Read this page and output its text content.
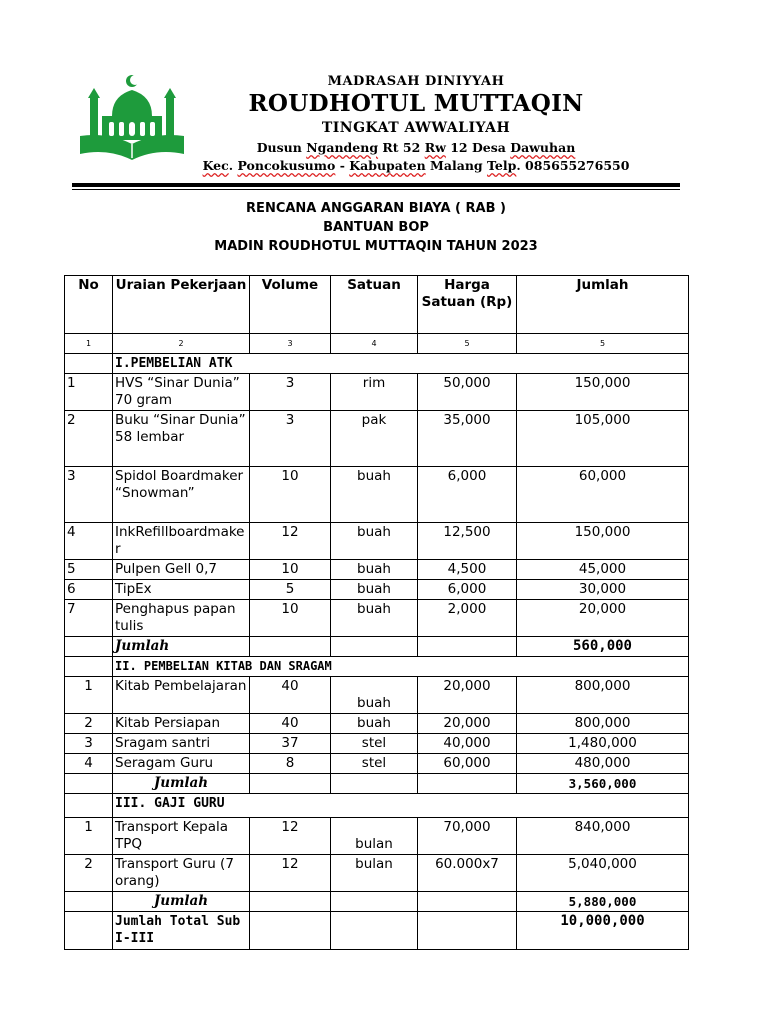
MADRASAH DINIYYAH
ROUDHOTUL MUTTAQIN
TINGKAT AWWALIYAH
Dusun Ngandeng Rt 52 Rw 12 Desa Dawuhan
Kec. Poncokusumo - Kabupaten Malang Telp. 085655276550
RENCANA ANGGARAN BIAYA ( RAB )
BANTUAN BOP
MADIN ROUDHOTUL MUTTAQIN TAHUN 2023
No	Uraian Pekerjaan	Volume	Satuan	Harga Satuan (Rp)	Jumlah
1	2	3	4	5	5
	I.PEMBELIAN ATK				
1	HVS “Sinar Dunia” 70 gram	3	rim	50,000	150,000
2	Buku “Sinar Dunia” 58 lembar	3	pak	35,000	105,000
3	Spidol Boardmaker “Snowman”	10	buah	6,000	60,000
4	InkRefillboardmaker	12	buah	12,500	150,000
5	Pulpen Gell 0,7	10	buah	4,500	45,000
6	TipEx	5	buah	6,000	30,000
7	Penghapus papan tulis	10	buah	2,000	20,000
	Jumlah				560,000
	II. PEMBELIAN KITAB DAN SRAGAM				
1	Kitab Pembelajaran	40	buah	20,000	800,000
2	Kitab Persiapan	40	buah	20,000	800,000
3	Sragam santri	37	stel	40,000	1,480,000
4	Seragam Guru	8	stel	60,000	480,000
	Jumlah				3,560,000
	III. GAJI GURU				
1	Transport Kepala TPQ	12	bulan	70,000	840,000
2	Transport Guru (7 orang)	12	bulan	60.000x7	5,040,000
	Jumlah				5,880,000
	Jumlah Total Sub I-III				10,000,000
